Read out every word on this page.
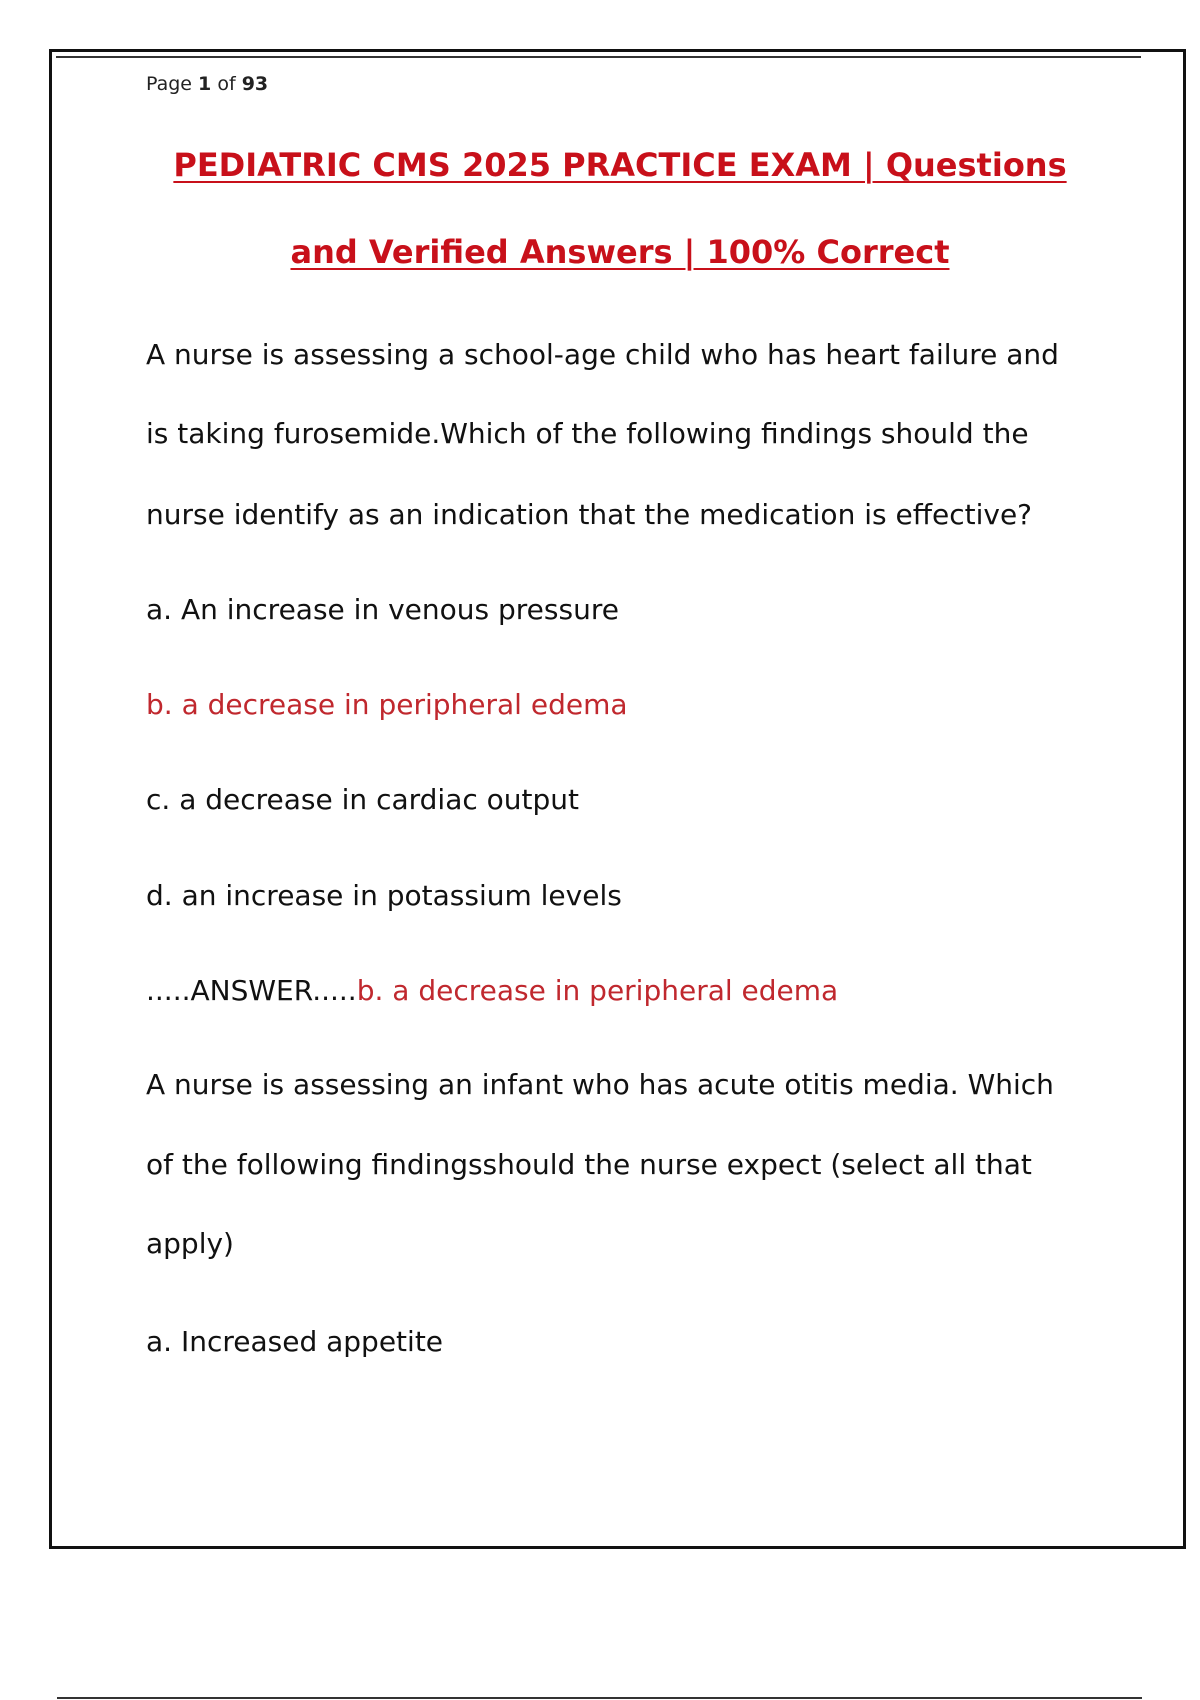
Page 1 of 93
PEDIATRIC CMS 2025 PRACTICE EXAM | Questions
and Verified Answers | 100% Correct
A nurse is assessing a school-age child who has heart failure and
is taking furosemide.Which of the following findings should the
nurse identify as an indication that the medication is effective?
a. An increase in venous pressure
b. a decrease in peripheral edema
c. a decrease in cardiac output
d. an increase in potassium levels
.....ANSWER.....b. a decrease in peripheral edema
A nurse is assessing an infant who has acute otitis media. Which
of the following findingsshould the nurse expect (select all that
apply)
a. Increased appetite
